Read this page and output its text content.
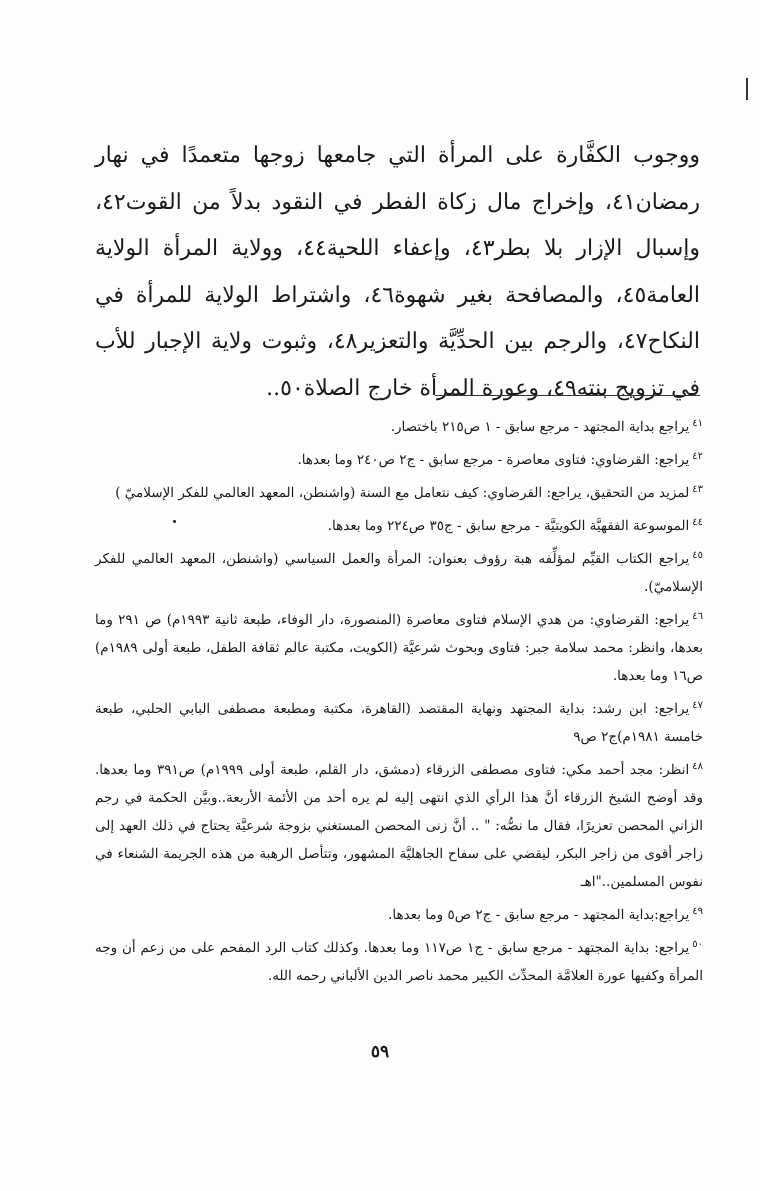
ووجوب الكفَّارة على المرأة التي جامعها زوجها متعمدًا في نهار رمضان٤١، وإخراج مال زكاة الفطر في النقود بدلاً من القوت٤٢، وإسبال الإزار بلا بطر٤٣، وإعفاء اللحية٤٤، وولاية المرأة الولاية العامة٤٥، والمصافحة بغير شهوة٤٦، واشتراط الولاية للمرأة في النكاح٤٧، والرجم بين الحدِّيَّة والتعزير٤٨، وثبوت ولاية الإجبار للأب في تزويج بنته٤٩، وعورة المرأة خارج الصلاة٥٠..

$^{٤١}$يراجع بداية المجتهد - مرجع سابق - ١ ص٢١٥ باختصار.

$^{٤٢}$يراجع: القرضاوي: فتاوى معاصرة - مرجع سابق - ج٢ ص٢٤٠ وما بعدها.

$^{٤٣}$لمزيد من التحقيق، يراجع: القرضاوي: كيف نتعامل مع السنة (واشنطن، المعهد العالمي للفكر الإسلاميّ )

$^{٤٤}$الموسوعة الفقهيَّة الكويتيَّة - مرجع سابق - ج٣٥ ص٢٢٤ وما بعدها.

$^{٤٥}$يراجع الكتاب القيِّم لمؤلِّفه هبة رؤوف بعنوان: المرأة والعمل السياسي (واشنطن، المعهد العالمي للفكر الإسلاميّ).

$^{٤٦}$يراجع: القرضاوي: من هدي الإسلام فتاوى معاصرة (المنصورة، دار الوفاء، طبعة ثانية ١٩٩٣م) ص ٢٩١ وما بعدها، وانظر: محمد سلامة جبر: فتاوى وبحوث شرعيَّة (الكويت، مكتبة عالم ثقافة الطفل، طبعة أولى ١٩٨٩م) ص١٦ وما بعدها.

$^{٤٧}$يراجع: ابن رشد: بداية المجتهد ونهاية المقتصد (القاهرة، مكتبة ومطبعة مصطفى البابي الحلبي، طبعة خامسة ١٩٨١م)ج٢ ص٩

$^{٤٨}$انظر: مجد أحمد مكي: فتاوى مصطفى الزرقاء (دمشق، دار القلم، طبعة أولى ١٩٩٩م) ص٣٩١ وما بعدها. وقد أوضح الشيخ الزرقاء أنَّ هذا الرأي الذي انتهى إليه لم يره أحد من الأئمة الأربعة..وبيَّن الحكمة في رجم الزاني المحصن تعزيرًا، فقال ما نصُّه: " .. أنَّ زنى المحصن المستغني بزوجة شرعيَّة يحتاج في ذلك العهد إلى زاجر أقوى من زاجر البكر، ليقضي على سفاح الجاهليَّة المشهور، وتتأصل الرهبة من هذه الجريمة الشنعاء في نفوس المسلمين.."اهـ

$^{٤٩}$يراجع:بداية المجتهد - مرجع سابق - ج٢ ص٥ وما بعدها.

$^{٥٠}$يراجع: بداية المجتهد - مرجع سابق - ج١ ص١١٧ وما بعدها. وكذلك كتاب الرد المفحم على من زعم أن وجه المرأة وكفيها عورة العلامَّة المحدِّث الكبير محمد ناصر الدين الألباني رحمه الله.

٥٩
